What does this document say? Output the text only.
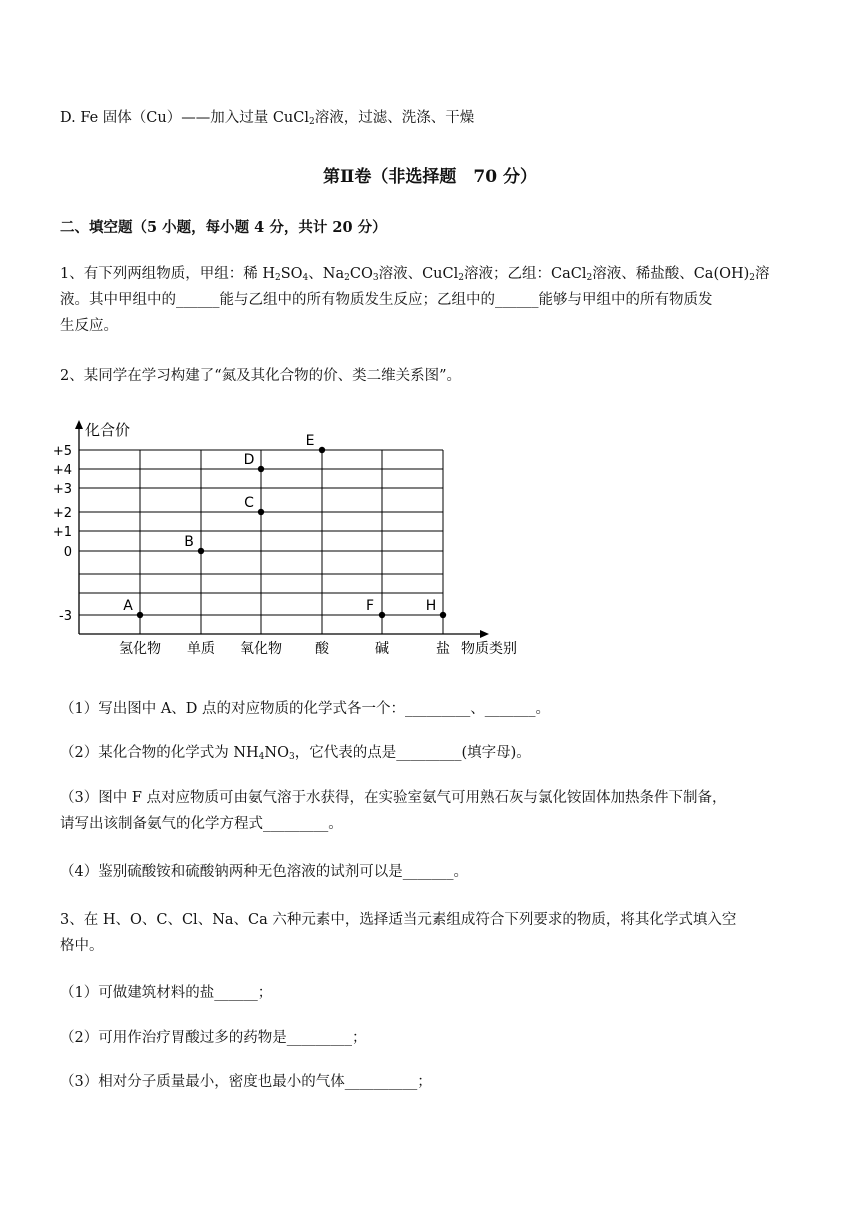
D. Fe 固体（Cu）——加入过量 CuCl$_2$溶液，过滤、洗涤、干燥
第Ⅱ卷（非选择题　70 分）
二、填空题（5 小题，每小题 4 分，共计 20 分）
1、有下列两组物质，甲组：稀 $H_2SO_4$、$Na_2CO_3$溶液、CuCl$_2$溶液；乙组：CaCl$_2$溶液、稀盐酸、$Ca(OH)_2$溶
液。其中甲组中的______能与乙组中的所有物质发生反应；乙组中的______能够与甲组中的所有物质发
生反应。
2、某同学在学习构建了“氮及其化合物的价、类二维关系图”。
化合价
物质类别
+5
+4
+3
+2
+1
0
-3
氢化物 单质 氧化物 酸	碱	盐
A
B
C
D
E
F	H
（1）写出图中 A、D 点的对应物质的化学式各一个：_________、_______。
（2）某化合物的化学式为 $NH_4NO_3$，它代表的点是_________(填字母)。
（3）图中 F 点对应物质可由氨气溶于水获得，在实验室氨气可用熟石灰与氯化铵固体加热条件下制备，
请写出该制备氨气的化学方程式_________。
（4）鉴别硫酸铵和硫酸钠两种无色溶液的试剂可以是_______。
3、在 H、O、C、Cl、Na、Ca 六种元素中，选择适当元素组成符合下列要求的物质，将其化学式填入空
格中。
（1）可做建筑材料的盐______；
（2）可用作治疗胃酸过多的药物是_________；
（3）相对分子质量最小，密度也最小的气体__________；
